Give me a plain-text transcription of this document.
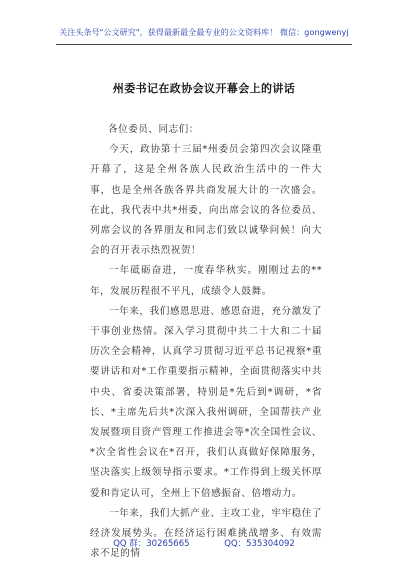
关注头条号"公文研究"，获得最新最全最专业的公文资料库！ 微信：gongwenyj
州委书记在政协会议开幕会上的讲话

各位委员、同志们：

今天，政协第十三届*州委员会第四次会议隆重开幕了，这是全州各族人民政治生活中的一件大事，也是全州各族各界共商发展大计的一次盛会。在此，我代表中共*州委，向出席会议的各位委员、列席会议的各界朋友和同志们致以诚挚问候！向大会的召开表示热烈祝贺！

一年砥砺奋进，一度春华秋实。刚刚过去的**年，发展历程很不平凡，成绩令人鼓舞。

一年来，我们感恩思进、感恩奋进，充分激发了干事创业热情。深入学习贯彻中共二十大和二十届历次全会精神，认真学习贯彻习近平总书记视察*重要讲话和对*工作重要指示精神，全面贯彻落实中共中央、省委决策部署，特别是*先后到*调研，*省长、*主席先后共*次深入我州调研，全国帮扶产业发展暨项目资产管理工作推进会等*次全国性会议、*次全省性会议在*召开，我们认真做好保障服务，坚决落实上级领导指示要求。*工作得到上级关怀厚爱和肯定认可，全州上下倍感振奋、倍增动力。

一年来，我们大抓产业、主攻工业，牢牢稳住了经济发展势头。在经济运行困难挑战增多、有效需求不足的情

QQ 群：30265665	QQ：535304092
